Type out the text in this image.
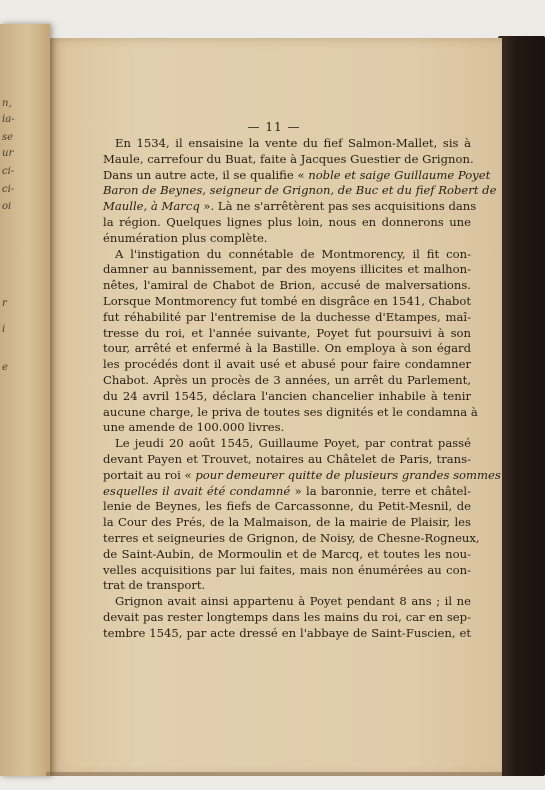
— 11 —
En 1534, il ensaisine la vente du fief Salmon-Mallet, sis à
Maule, carrefour du Buat, faite à Jacques Guestier de Grignon.
Dans un autre acte, il se qualifie « noble et saige Guillaume Poyet
Baron de Beynes, seigneur de Grignon, de Buc et du fief Robert de
Maulle, à Marcq ». Là ne s'arrêtèrent pas ses acquisitions dans
la région. Quelques lignes plus loin, nous en donnerons une
énumération plus complète.
A l'instigation du connétable de Montmorency, il fit con-
damner au bannissement, par des moyens illicites et malhon-
nêtes, l'amiral de Chabot de Brion, accusé de malversations.
Lorsque Montmorency fut tombé en disgrâce en 1541, Chabot
fut réhabilité par l'entremise de la duchesse d'Etampes, maî-
tresse du roi, et l'année suivante, Poyet fut poursuivi à son
tour, arrêté et enfermé à la Bastille. On employa à son égard
les procédés dont il avait usé et abusé pour faire condamner
Chabot. Après un procès de 3 années, un arrêt du Parlement,
du 24 avril 1545, déclara l'ancien chancelier inhabile à tenir
aucune charge, le priva de toutes ses dignités et le condamna à
une amende de 100.000 livres.
Le jeudi 20 août 1545, Guillaume Poyet, par contrat passé
devant Payen et Trouvet, notaires au Châtelet de Paris, trans-
portait au roi « pour demeurer quitte de plusieurs grandes sommes
esquelles il avait été condamné » la baronnie, terre et châtel-
lenie de Beynes, les fiefs de Carcassonne, du Petit-Mesnil, de
la Cour des Prés, de la Malmaison, de la mairie de Plaisir, les
terres et seigneuries de Grignon, de Noisy, de Chesne-Rogneux,
de Saint-Aubin, de Mormoulin et de Marcq, et toutes les nou-
velles acquisitions par lui faites, mais non énumérées au con-
trat de transport.
Grignon avait ainsi appartenu à Poyet pendant 8 ans ; il ne
devait pas rester longtemps dans les mains du roi, car en sep-
tembre 1545, par acte dressé en l'abbaye de Saint-Fuscien, et
n,
ia-
se
ur
ci-
ci-
oi
r
i
e
